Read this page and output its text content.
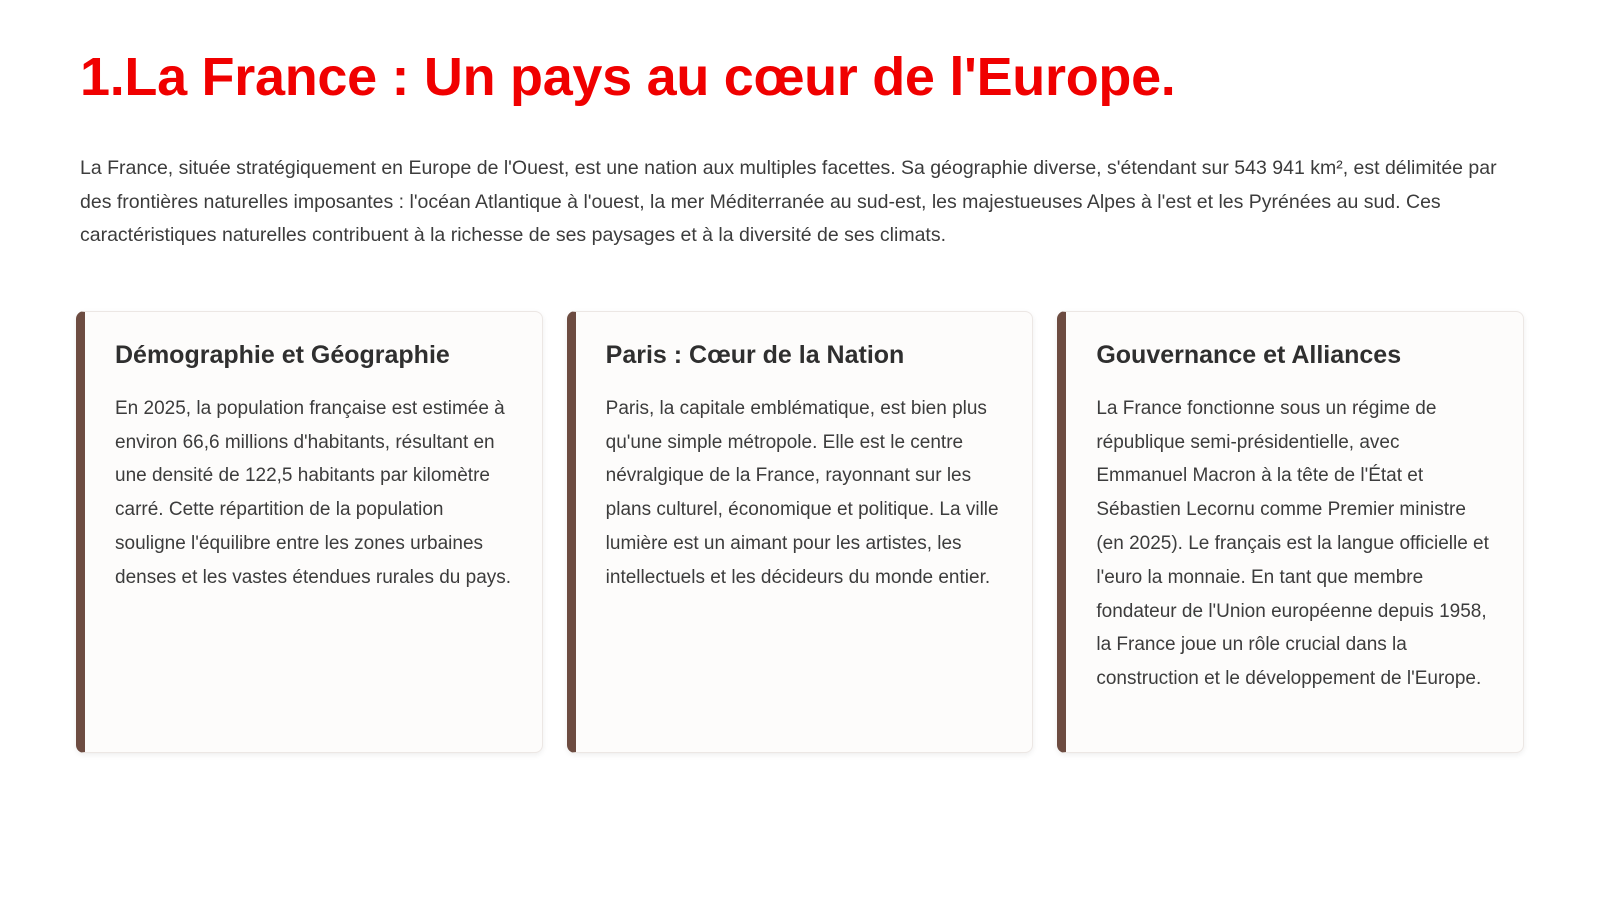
1.La France : Un pays au cœur de l'Europe.

La France, située stratégiquement en Europe de l'Ouest, est une nation aux multiples facettes. Sa géographie diverse, s'étendant sur 543 941 km², est délimitée par des frontières naturelles imposantes : l'océan Atlantique à l'ouest, la mer Méditerranée au sud-est, les majestueuses Alpes à l'est et les Pyrénées au sud. Ces caractéristiques naturelles contribuent à la richesse de ses paysages et à la diversité de ses climats.

Démographie et Géographie
En 2025, la population française est estimée à environ 66,6 millions d'habitants, résultant en une densité de 122,5 habitants par kilomètre carré. Cette répartition de la population souligne l'équilibre entre les zones urbaines denses et les vastes étendues rurales du pays.
Paris : Cœur de la Nation
Paris, la capitale emblématique, est bien plus qu'une simple métropole. Elle est le centre névralgique de la France, rayonnant sur les plans culturel, économique et politique. La ville lumière est un aimant pour les artistes, les intellectuels et les décideurs du monde entier.
Gouvernance et Alliances
La France fonctionne sous un régime de république semi-présidentielle, avec Emmanuel Macron à la tête de l'État et Sébastien Lecornu comme Premier ministre (en 2025). Le français est la langue officielle et l'euro la monnaie. En tant que membre fondateur de l'Union européenne depuis 1958, la France joue un rôle crucial dans la construction et le développement de l'Europe.
